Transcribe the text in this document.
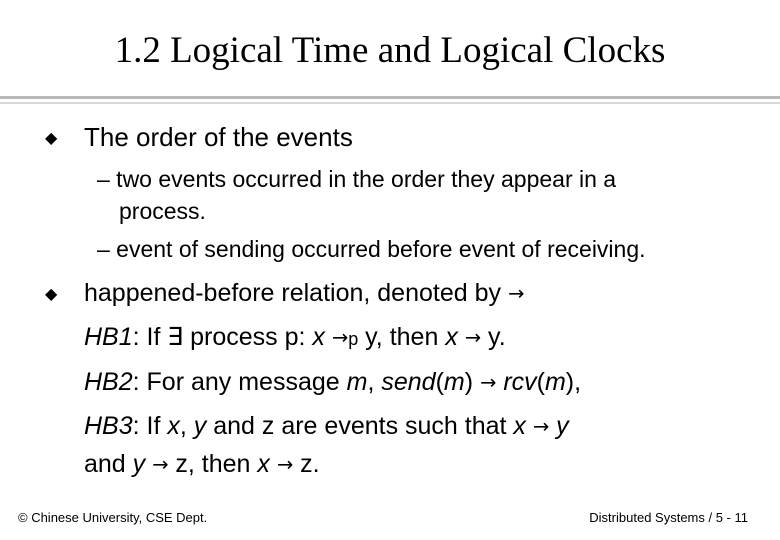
1.2 Logical Time and Logical Clocks
◆ The order of the events
– two events occurred in the order they appear in a
process.
– event of sending occurred before event of receiving.
◆ happened-before relation, denoted by →
HB1: If ∃ process p: x →p y, then x → y.
HB2: For any message m, send(m) → rcv(m),
HB3: If x, y and z are events such that x → y
and y → z, then x → z.
© Chinese University, CSE Dept.	Distributed Systems / 5 - 11
